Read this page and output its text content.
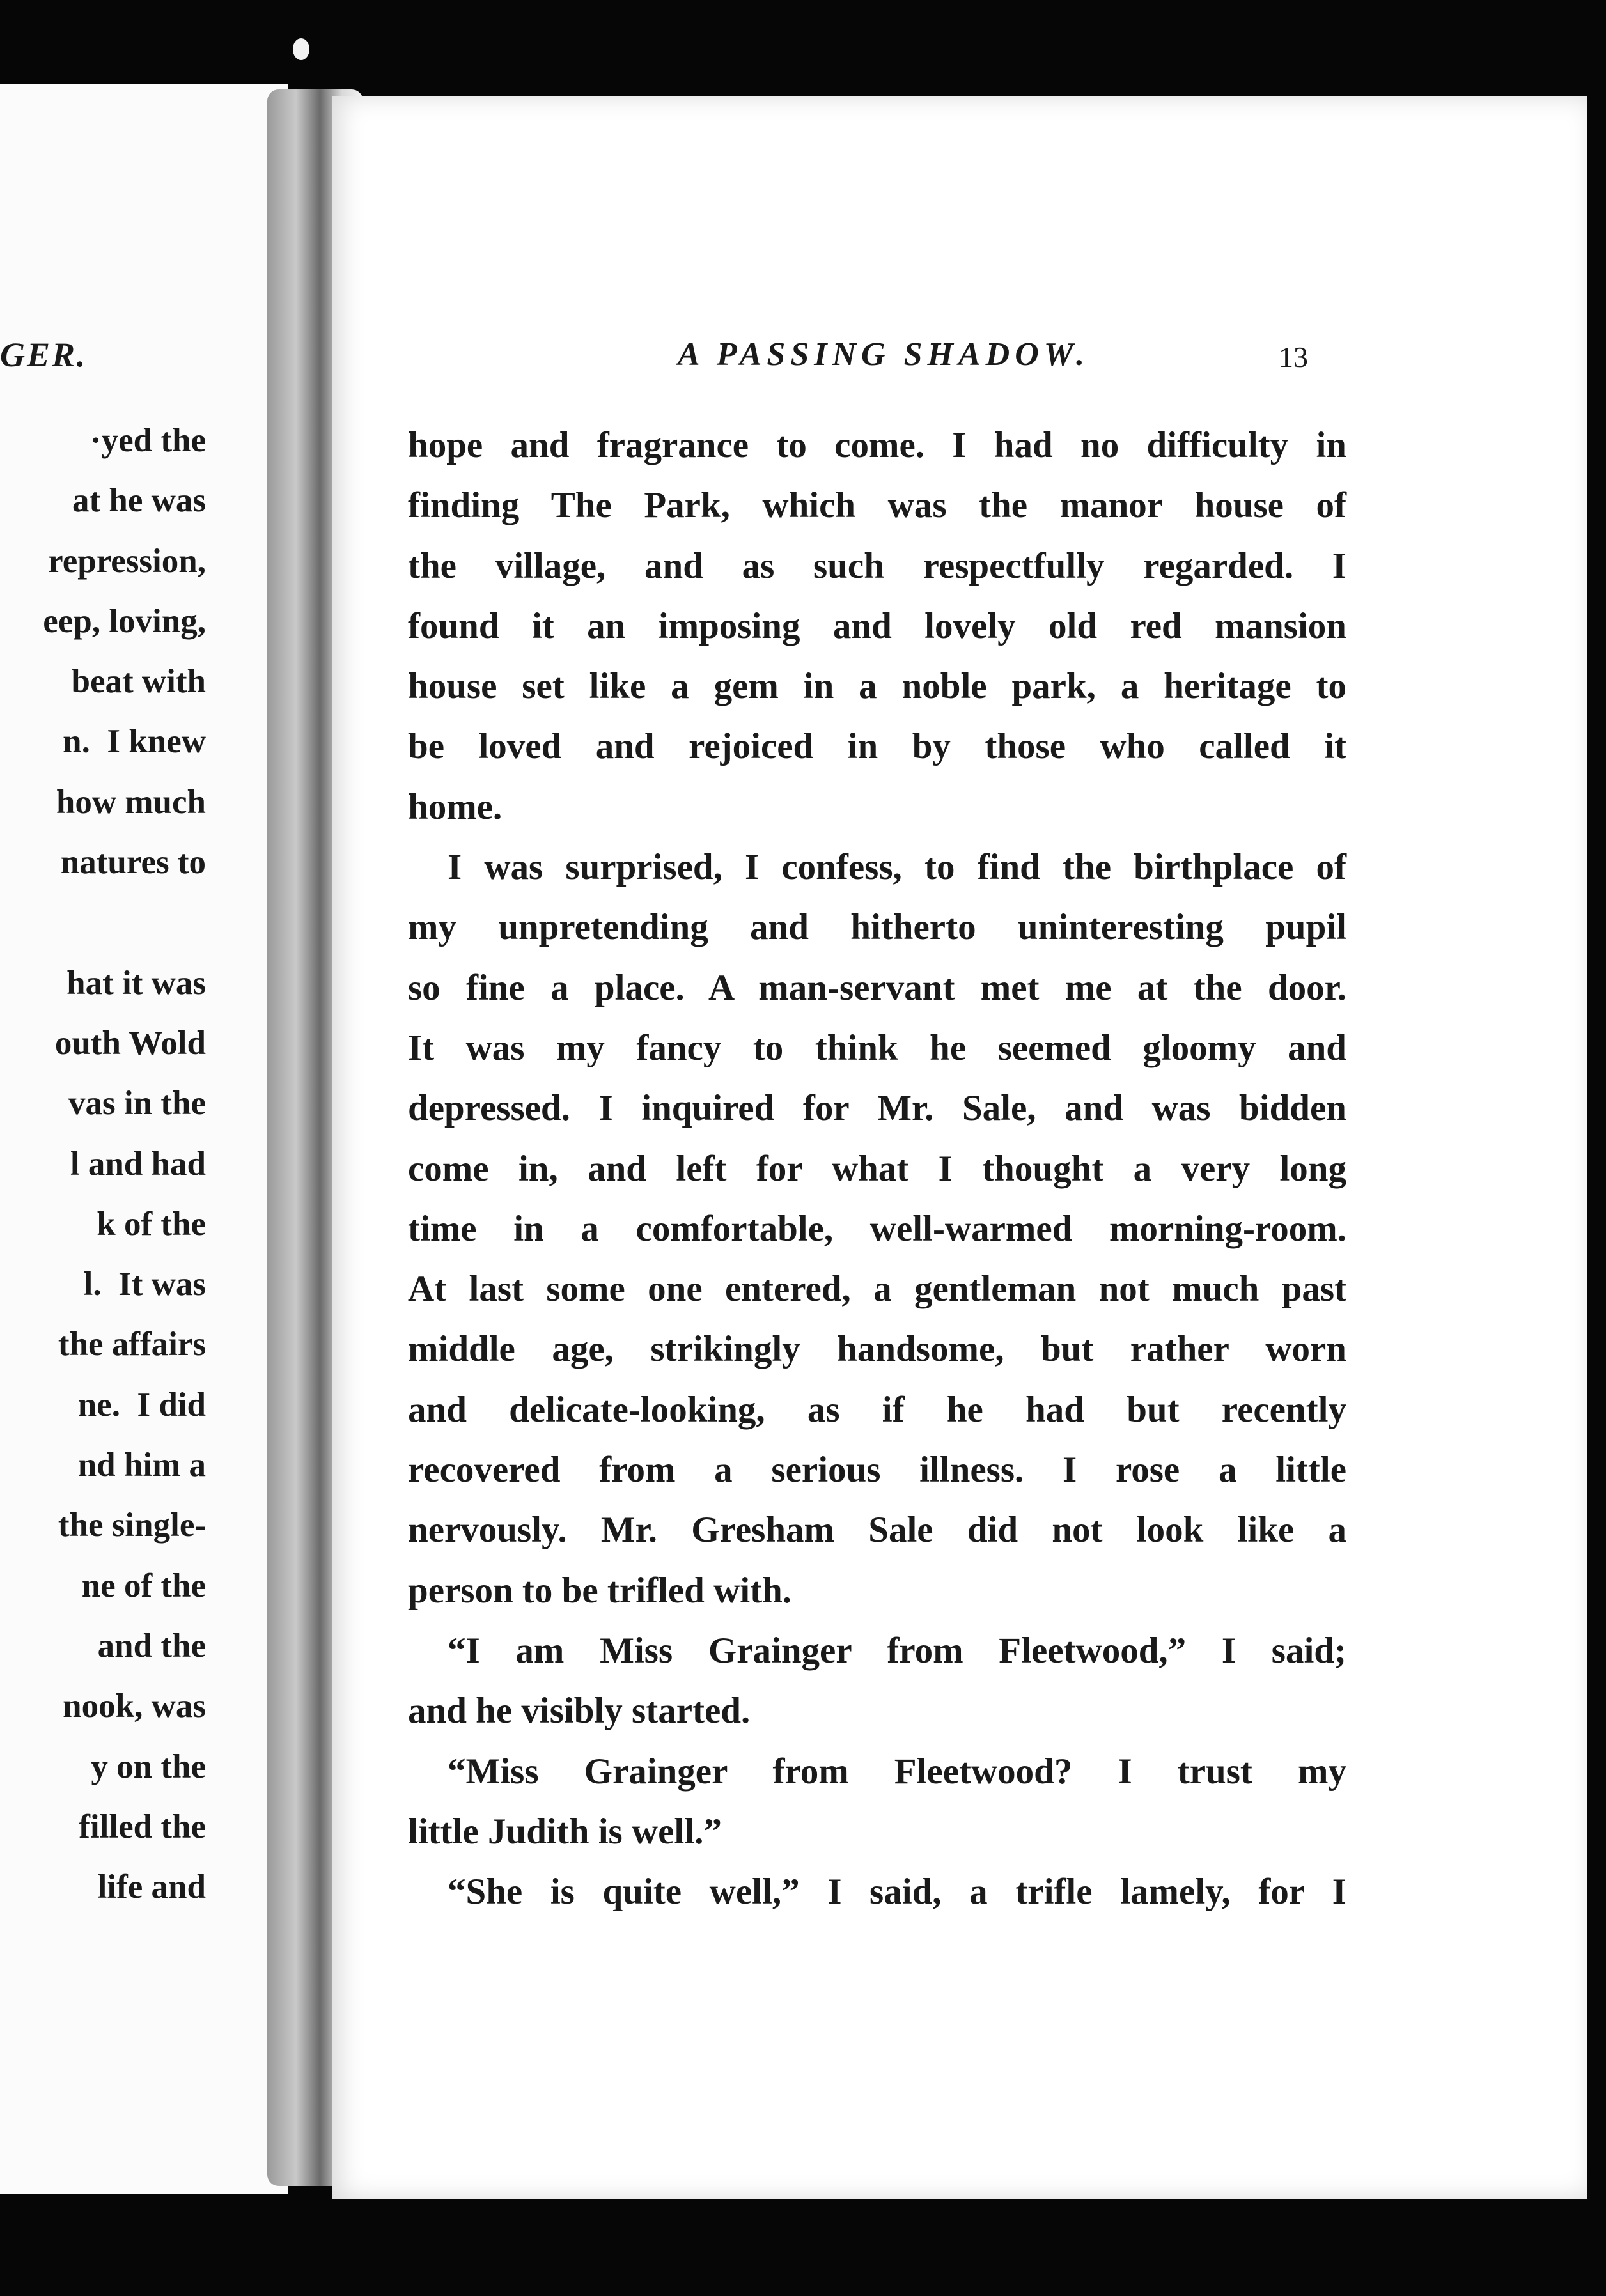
GER.
·yed the
at he was
repression,
eep, loving,
beat with
n.  I knew
how much
natures to
hat it was
outh Wold
vas in the
l and had
k of the
l.  It was
the affairs
ne.  I did
nd him a
the single-
ne of the
and the
nook, was
y on the
filled the
life and
A PASSING SHADOW.	13
hope and fragrance to come. I had no difficulty in
finding The Park, which was the manor house of
the village, and as such respectfully regarded. I
found it an imposing and lovely old red mansion
house set like a gem in a noble park, a heritage to
be loved and rejoiced in by those who called it
home.
I was surprised, I confess, to find the birthplace of
my unpretending and hitherto uninteresting pupil
so fine a place. A man-servant met me at the door.
It was my fancy to think he seemed gloomy and
depressed. I inquired for Mr. Sale, and was bidden
come in, and left for what I thought a very long
time in a comfortable, well-warmed morning-room.
At last some one entered, a gentleman not much past
middle age, strikingly handsome, but rather worn
and delicate-looking, as if he had but recently
recovered from a serious illness. I rose a little
nervously. Mr. Gresham Sale did not look like a
person to be trifled with.
“I am Miss Grainger from Fleetwood,” I said;
and he visibly started.
“Miss Grainger from Fleetwood? I trust my
little Judith is well.”
“She is quite well,” I said, a trifle lamely, for I
